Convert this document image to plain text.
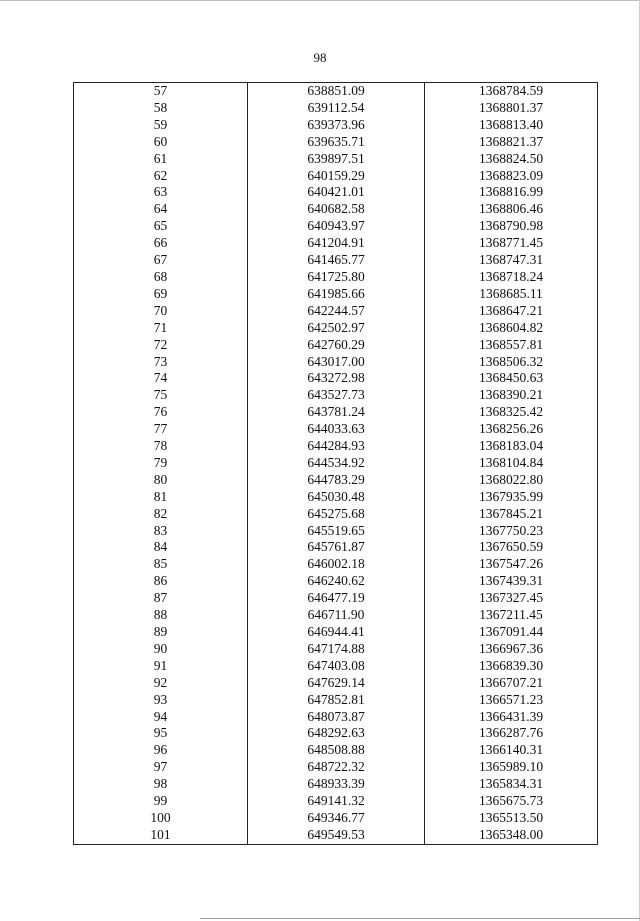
98
57	638851.09	1368784.59
58	639112.54	1368801.37
59	639373.96	1368813.40
60	639635.71	1368821.37
61	639897.51	1368824.50
62	640159.29	1368823.09
63	640421.01	1368816.99
64	640682.58	1368806.46
65	640943.97	1368790.98
66	641204.91	1368771.45
67	641465.77	1368747.31
68	641725.80	1368718.24
69	641985.66	1368685.11
70	642244.57	1368647.21
71	642502.97	1368604.82
72	642760.29	1368557.81
73	643017.00	1368506.32
74	643272.98	1368450.63
75	643527.73	1368390.21
76	643781.24	1368325.42
77	644033.63	1368256.26
78	644284.93	1368183.04
79	644534.92	1368104.84
80	644783.29	1368022.80
81	645030.48	1367935.99
82	645275.68	1367845.21
83	645519.65	1367750.23
84	645761.87	1367650.59
85	646002.18	1367547.26
86	646240.62	1367439.31
87	646477.19	1367327.45
88	646711.90	1367211.45
89	646944.41	1367091.44
90	647174.88	1366967.36
91	647403.08	1366839.30
92	647629.14	1366707.21
93	647852.81	1366571.23
94	648073.87	1366431.39
95	648292.63	1366287.76
96	648508.88	1366140.31
97	648722.32	1365989.10
98	648933.39	1365834.31
99	649141.32	1365675.73
100	649346.77	1365513.50
101	649549.53	1365348.00
